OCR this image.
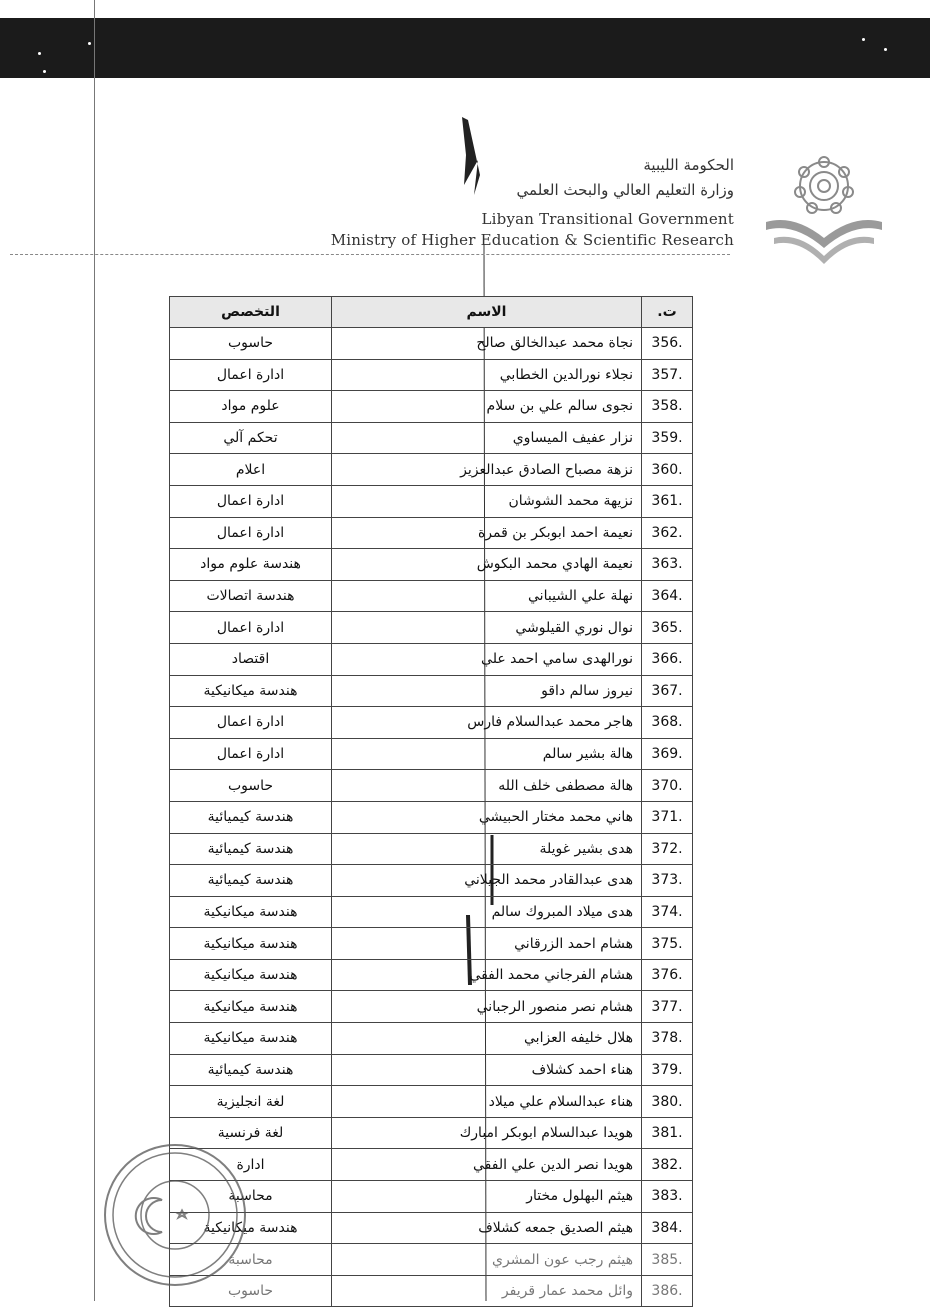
الحكومة الليبية
وزارة التعليم العالي والبحث العلمي
Libyan Transitional Government
Ministry of Higher Education & Scientific Research
ت.	الاسم	التخصص
356.	نجاة محمد عبدالخالق صالح	حاسوب
357.	نجلاء نورالدين الخطابي	ادارة اعمال
358.	نجوى سالم علي بن سلام	علوم مواد
359.	نزار عفيف الميساوي	تحكم آلي
360.	نزهة مصباح الصادق عبدالعزيز	اعلام
361.	نزيهة محمد الشوشان	ادارة اعمال
362.	نعيمة احمد ابوبكر بن قمرة	ادارة اعمال
363.	نعيمة الهادي محمد البكوش	هندسة علوم مواد
364.	نهلة علي الشيباني	هندسة اتصالات
365.	نوال نوري القيلوشي	ادارة اعمال
366.	نورالهدى سامي احمد علي	اقتصاد
367.	نيروز سالم داقو	هندسة ميكانيكية
368.	هاجر محمد عبدالسلام فارس	ادارة اعمال
369.	هالة بشير سالم	ادارة اعمال
370.	هالة مصطفى خلف الله	حاسوب
371.	هاني محمد مختار الحبيشي	هندسة كيميائية
372.	هدى بشير غويلة	هندسة كيميائية
373.	هدى عبدالقادر محمد الجيلاني	هندسة كيميائية
374.	هدى ميلاد المبروك سالم	هندسة ميكانيكية
375.	هشام احمد الزرقاني	هندسة ميكانيكية
376.	هشام الفرجاني محمد الفقي	هندسة ميكانيكية
377.	هشام نصر منصور الرجباني	هندسة ميكانيكية
378.	هلال خليفه العزابي	هندسة ميكانيكية
379.	هناء احمد كشلاف	هندسة كيميائية
380.	هناء عبدالسلام علي ميلاد	لغة انجليزية
381.	هويدا عبدالسلام ابوبكر امبارك	لغة فرنسية
382.	هويدا نصر الدين علي الفقي	ادارة
383.	هيثم البهلول مختار	محاسبة
384.	هيثم الصديق جمعه كشلاف	هندسة ميكانيكية
385.	هيثم رجب عون المشري	محاسبة
386.	وائل محمد عمار قريفر	حاسوب
